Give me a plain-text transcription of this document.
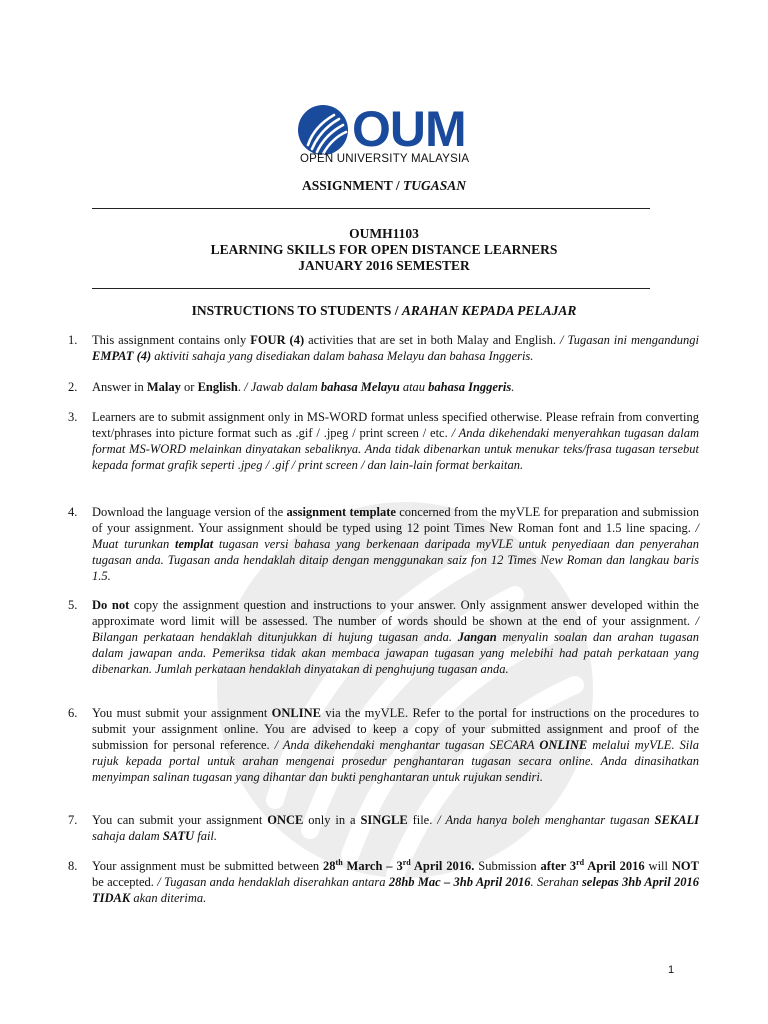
OUM
OPEN UNIVERSITY MALAYSIA
ASSIGNMENT / TUGASAN
OUMH1103
LEARNING SKILLS FOR OPEN DISTANCE LEARNERS
JANUARY 2016 SEMESTER
INSTRUCTIONS TO STUDENTS / ARAHAN KEPADA PELAJAR
1. This assignment contains only FOUR (4) activities that are set in both Malay and English. / Tugasan ini mengandungi EMPAT (4) aktiviti sahaja yang disediakan dalam bahasa Melayu dan bahasa Inggeris.
2. Answer in Malay or English. / Jawab dalam bahasa Melayu atau bahasa Inggeris.
3. Learners are to submit assignment only in MS-WORD format unless specified otherwise. Please refrain from converting text/phrases into picture format such as .gif / .jpeg / print screen / etc. / Anda dikehendaki menyerahkan tugasan dalam format MS-WORD melainkan dinyatakan sebaliknya. Anda tidak dibenarkan untuk menukar teks/frasa tugasan tersebut kepada format grafik seperti .jpeg / .gif / print screen / dan lain-lain format berkaitan.
4. Download the language version of the assignment template concerned from the myVLE for preparation and submission of your assignment. Your assignment should be typed using 12 point Times New Roman font and 1.5 line spacing. / Muat turunkan templat tugasan versi bahasa yang berkenaan daripada myVLE untuk penyediaan dan penyerahan tugasan anda. Tugasan anda hendaklah ditaip dengan menggunakan saiz fon 12 Times New Roman dan langkau baris 1.5.
5. Do not copy the assignment question and instructions to your answer. Only assignment answer developed within the approximate word limit will be assessed. The number of words should be shown at the end of your assignment. / Bilangan perkataan hendaklah ditunjukkan di hujung tugasan anda. Jangan menyalin soalan dan arahan tugasan dalam jawapan anda. Pemeriksa tidak akan membaca jawapan tugasan yang melebihi had patah perkataan yang dibenarkan. Jumlah perkataan hendaklah dinyatakan di penghujung tugasan anda.
6. You must submit your assignment ONLINE via the myVLE. Refer to the portal for instructions on the procedures to submit your assignment online. You are advised to keep a copy of your submitted assignment and proof of the submission for personal reference. / Anda dikehendaki menghantar tugasan SECARA ONLINE melalui myVLE. Sila rujuk kepada portal untuk arahan mengenai prosedur penghantaran tugasan secara online. Anda dinasihatkan menyimpan salinan tugasan yang dihantar dan bukti penghantaran untuk rujukan sendiri.
7. You can submit your assignment ONCE only in a SINGLE file. / Anda hanya boleh menghantar tugasan SEKALI sahaja dalam SATU fail.
8. Your assignment must be submitted between 28th March – 3rd April 2016. Submission after 3rd April 2016 will NOT be accepted. / Tugasan anda hendaklah diserahkan antara 28hb Mac – 3hb April 2016. Serahan selepas 3hb April 2016 TIDAK akan diterima.
1
